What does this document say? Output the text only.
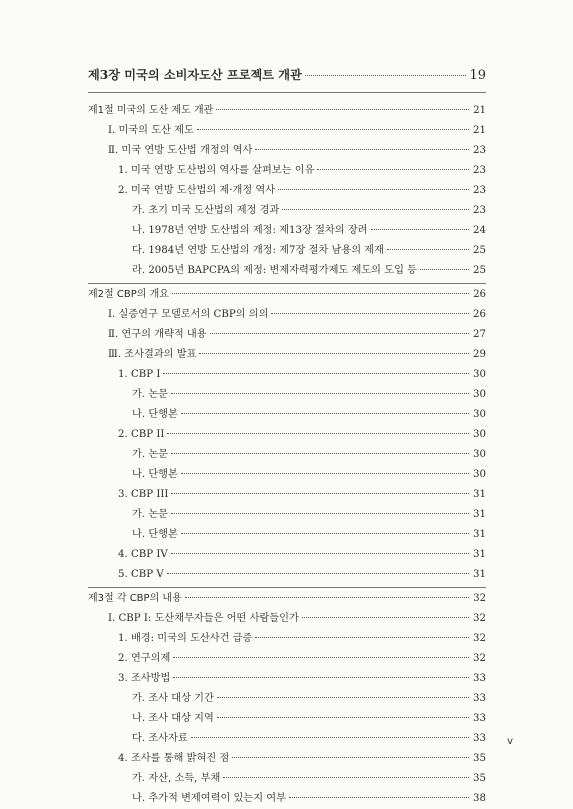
제3장 미국의 소비자도산 프로젝트 개관	19
제1절 미국의 도산 제도 개관	21
Ⅰ. 미국의 도산 제도	21
Ⅱ. 미국 연방 도산법 개정의 역사	23
1. 미국 연방 도산법의 역사를 살펴보는 이유	23
2. 미국 연방 도산법의 제·개정 역사	23
가. 초기 미국 도산법의 제정 경과	23
나. 1978년 연방 도산법의 제정: 제13장 절차의 장려	24
다. 1984년 연방 도산법의 개정: 제7장 절차 남용의 제재	25
라. 2005년 BAPCPA의 제정: 변제자력평가제도 제도의 도입 등	25
제2절 CBP의 개요	26
Ⅰ. 실증연구 모델로서의 CBP의 의의	26
Ⅱ. 연구의 개략적 내용	27
Ⅲ. 조사결과의 발표	29
1. CBP I	30
가. 논문	30
나. 단행본	30
2. CBP II	30
가. 논문	30
나. 단행본	30
3. CBP III	31
가. 논문	31
나. 단행본	31
4. CBP IV	31
5. CBP V	31
제3절 각 CBP의 내용	32
Ⅰ. CBP I: 도산채무자들은 어떤 사람들인가	32
1. 배경: 미국의 도산사건 급증	32
2. 연구의제	32
3. 조사방법	33
가. 조사 대상 기간	33
나. 조사 대상 지역	33
다. 조사자료	33
4. 조사를 통해 밝혀진 점	35
가. 자산, 소득, 부채	35
나. 추가적 변제여력이 있는지 여부	38
v
